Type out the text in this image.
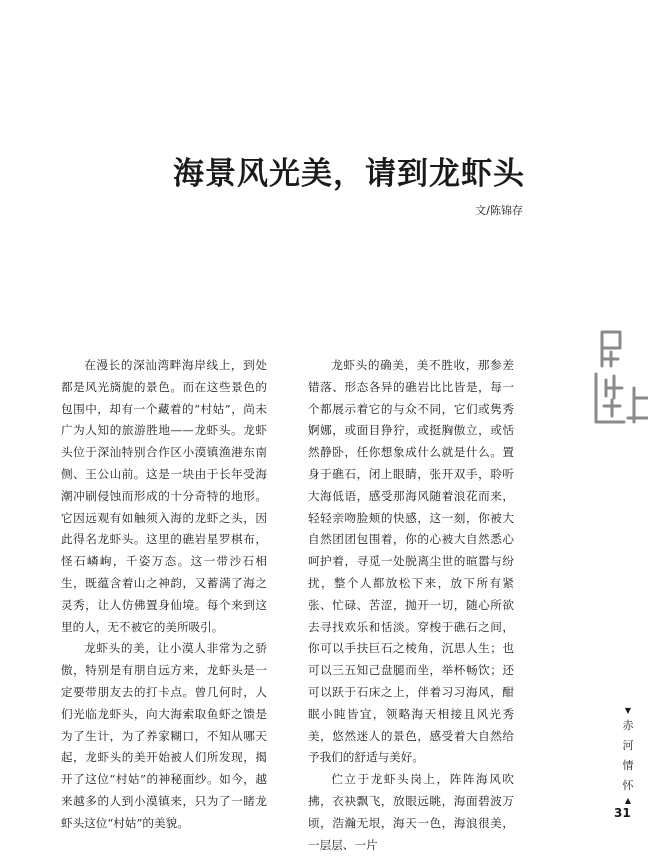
海景风光美，请到龙虾头
文/陈锦存

在漫长的深汕湾畔海岸线上，到处都是风光旖旎的景色。而在这些景色的包围中，却有一个藏着的“村姑”，尚未广为人知的旅游胜地——龙虾头。龙虾头位于深汕特别合作区小漠镇渔港东南侧、王公山前。这是一块由于长年受海潮冲刷侵蚀而形成的十分奇特的地形。它因远观有如触须入海的龙虾之头，因此得名龙虾头。这里的礁岩星罗棋布，怪石嶙峋，千姿万态。这一带沙石相生，既蕴含着山之神韵，又蓄满了海之灵秀，让人仿佛置身仙境。每个来到这里的人，无不被它的美所吸引。

龙虾头的美，让小漠人非常为之骄傲，特别是有朋自远方来，龙虾头是一定要带朋友去的打卡点。曾几何时，人们光临龙虾头，向大海索取鱼虾之馈是为了生计，为了养家糊口，不知从哪天起，龙虾头的美开始被人们所发现，揭开了这位“村姑”的神秘面纱。如今，越来越多的人到小漠镇来，只为了一睹龙虾头这位“村姑”的美貌。

龙虾头的确美，美不胜收，那参差错落、形态各异的礁岩比比皆是，每一个都展示着它的与众不同，它们或隽秀婀娜，或面目狰狞，或挺胸傲立，或恬然静卧，任你想象成什么就是什么。置身于礁石，闭上眼睛，张开双手，聆听大海低语，感受那海风随着浪花而来，轻轻亲吻脸颊的快感，这一刻，你被大自然团团包围着，你的心被大自然悉心呵护着，寻觅一处脱离尘世的暄嚣与纷扰，整个人都放松下来，放下所有紧张、忙碌、苦涩，抛开一切，随心所欲去寻找欢乐和恬淡。穿梭于礁石之间，你可以手扶巨石之棱角，沉思人生；也可以三五知己盘腿而坐，举杯畅饮；还可以跃于石床之上，伴着习习海风，酣眠小盹皆宜，领略海天相接且风光秀美，悠然迷人的景色，感受着大自然给予我们的舒适与美好。

伫立于龙虾头岗上，阵阵海风吹拂，衣袂飘飞，放眼远眺，海面碧波万顷，浩瀚无垠，海天一色，海浪很美，一层层、一片

▼
赤河情怀
▲
31
